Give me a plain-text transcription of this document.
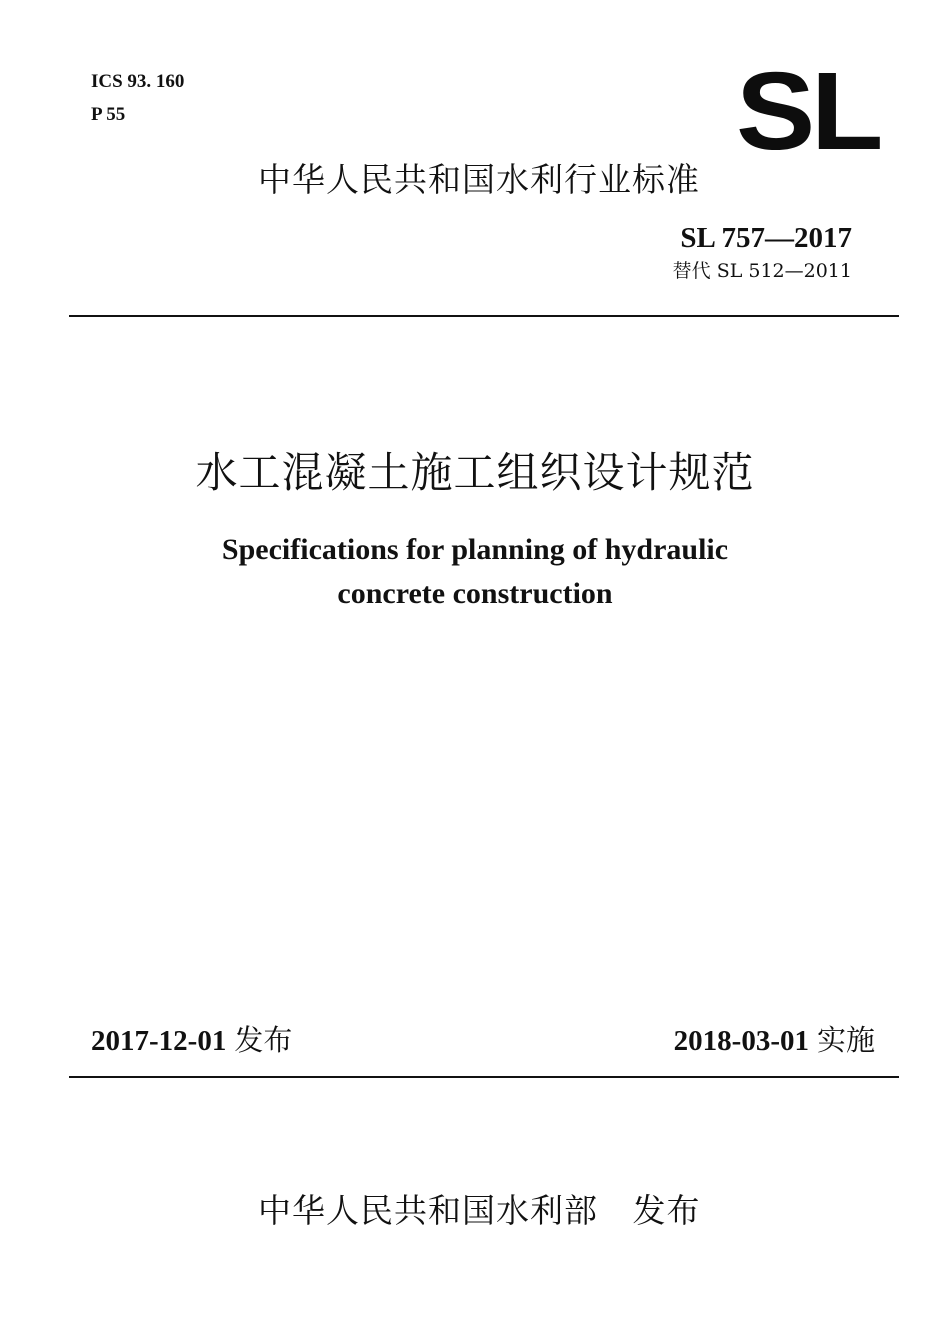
ICS 93. 160
P 55	SL
中华人民共和国水利行业标准
SL 757—2017
替代 SL 512—2011
水工混凝土施工组织设计规范
Specifications for planning of hydraulic
concrete construction
2017-12-01 发布	2018-03-01 实施
中华人民共和国水利部   发布
